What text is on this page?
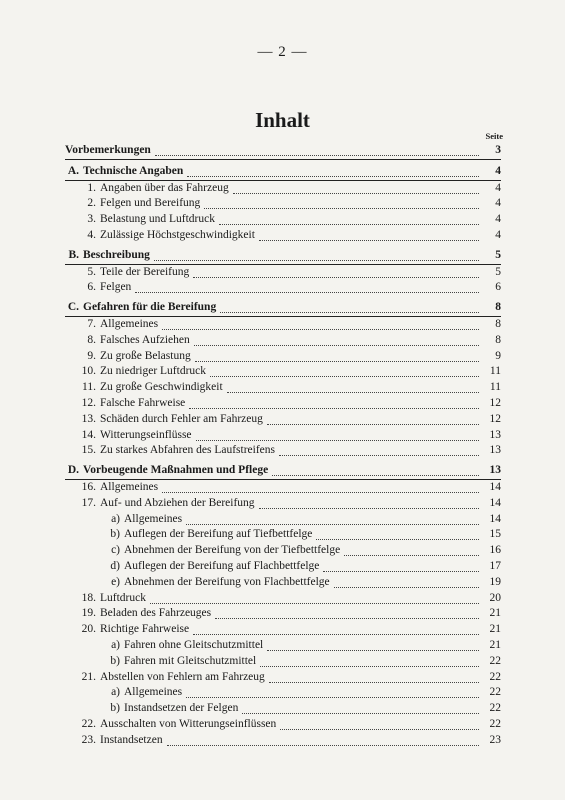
— 2 —
Inhalt
Seite
Vorbemerkungen	3
A. Technische Angaben	4
1. Angaben über das Fahrzeug	4
2. Felgen und Bereifung	4
3. Belastung und Luftdruck	4
4. Zulässige Höchstgeschwindigkeit	4
B. Beschreibung	5
5. Teile der Bereifung	5
6. Felgen	6
C. Gefahren für die Bereifung	8
7. Allgemeines	8
8. Falsches Aufziehen	8
9. Zu große Belastung	9
10. Zu niedriger Luftdruck	11
11. Zu große Geschwindigkeit	11
12. Falsche Fahrweise	12
13. Schäden durch Fehler am Fahrzeug	12
14. Witterungseinflüsse	13
15. Zu starkes Abfahren des Laufstreifens	13
D. Vorbeugende Maßnahmen und Pflege	13
16. Allgemeines	14
17. Auf- und Abziehen der Bereifung	14
a) Allgemeines	14
b) Auflegen der Bereifung auf Tiefbettfelge	15
c) Abnehmen der Bereifung von der Tiefbettfelge	16
d) Auflegen der Bereifung auf Flachbettfelge	17
e) Abnehmen der Bereifung von Flachbettfelge	19
18. Luftdruck	20
19. Beladen des Fahrzeuges	21
20. Richtige Fahrweise	21
a) Fahren ohne Gleitschutzmittel	21
b) Fahren mit Gleitschutzmittel	22
21. Abstellen von Fehlern am Fahrzeug	22
a) Allgemeines	22
b) Instandsetzen der Felgen	22
22. Ausschalten von Witterungseinflüssen	22
23. Instandsetzen	23
